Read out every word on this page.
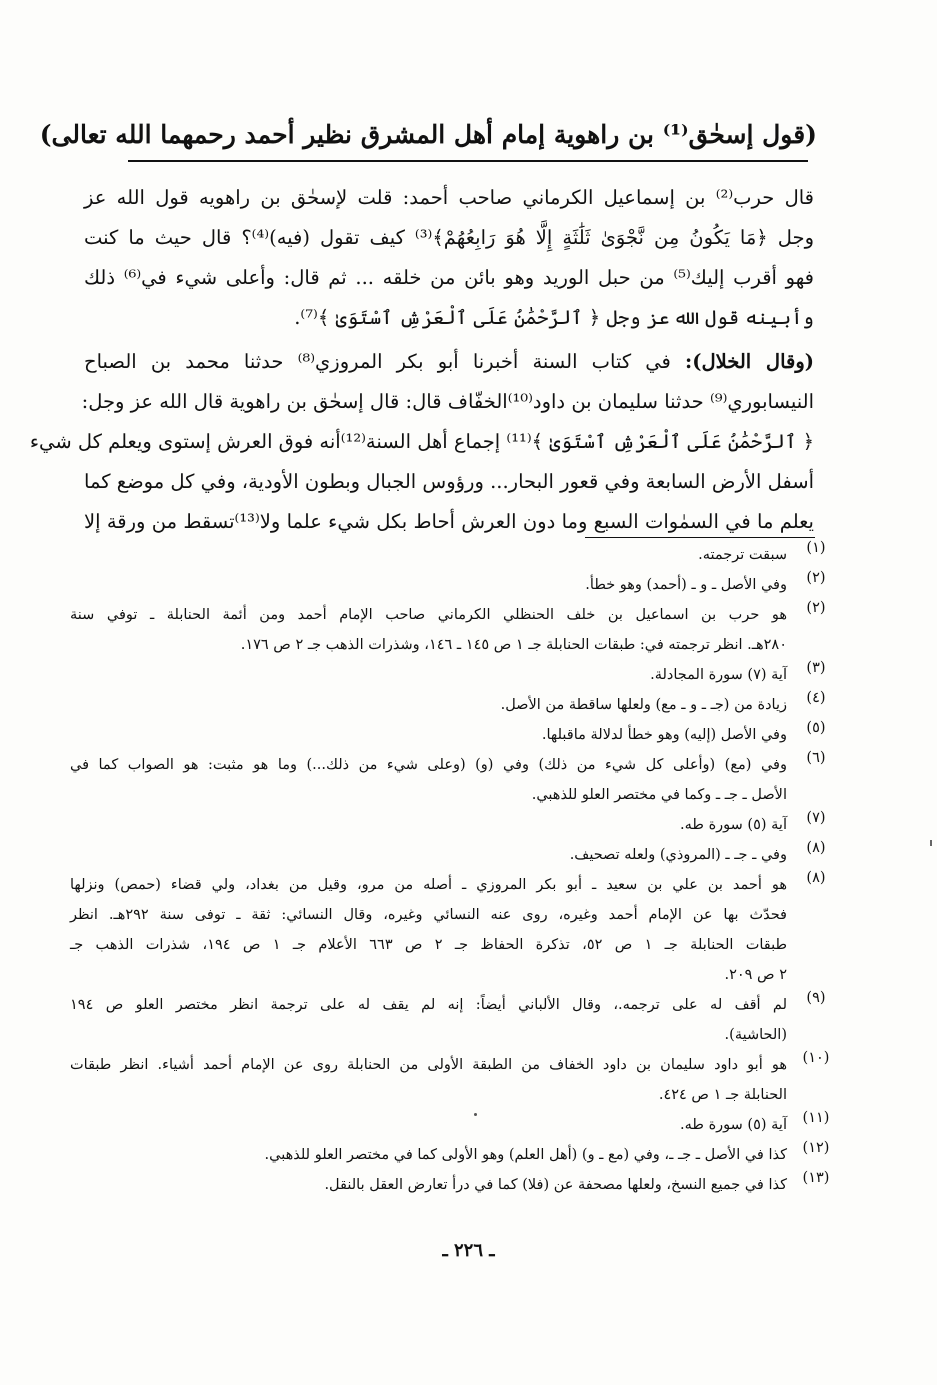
(قول إسحٰق⁽¹⁾ بن راهوية إمام أهل المشرق نظير أحمد رحمهما الله تعالى)
قال حرب⁽²⁾ بن إسماعيل الكرماني صاحب أحمد: قلت لإسحٰق بن راهويه قول الله عز
وجل ﴿مَا يَكُونُ مِن نَّجْوَىٰ ثَلَٰثَةٍ إِلَّا هُوَ رَابِعُهُمْ﴾⁽³⁾ كيف تقول (فيه)⁽⁴⁾؟ قال حيث ما كنت
فهو أقرب إليك⁽⁵⁾ من حبل الوريد وهو بائن من خلقه ... ثم قال: وأعلى شيء في⁽⁶⁾ ذلك
وأبينه قول الله عز وجل ﴿ ٱلرَّحْمَٰنُ عَلَى ٱلْعَرْشِ ٱسْتَوَىٰ ﴾⁽⁷⁾.
(وقال الخلال): في كتاب السنة أخبرنا أبو بكر المروزي⁽⁸⁾ حدثنا محمد بن الصباح
النيسابوري⁽⁹⁾ حدثنا سليمان بن داود⁽¹⁰⁾الخفّاف قال: قال إسحٰق بن راهوية قال الله عز وجل:
﴿ ٱلرَّحْمَٰنُ عَلَى ٱلْعَرْشِ ٱسْتَوَىٰ ﴾⁽¹¹⁾ إجماع أهل السنة⁽¹²⁾أنه فوق العرش إستوى ويعلم كل شيء
أسفل الأرض السابعة وفي قعور البحار... ورؤوس الجبال وبطون الأودية، وفي كل موضع كما
يعلم ما في السمٰوات السبع وما دون العرش أحاط بكل شيء علما ولا⁽¹³⁾تسقط من ورقة إلا
(١)
سبقت ترجمته.
(٢)
وفي الأصل ـ و ـ (أحمد) وهو خطأ.
(٢)
هو حرب بن اسماعيل بن خلف الحنظلي الكرماني صاحب الإمام أحمد ومن أئمة الحنابلة ـ توفي سنة
٢٨٠هـ. انظر ترجمته في: طبقات الحنابلة جـ ١ ص ١٤٥ ـ ١٤٦، وشذرات الذهب جـ ٢ ص ١٧٦.
(٣)
آية (٧) سورة المجادلة.
(٤)
زيادة من (جـ ـ و ـ مع) ولعلها ساقطة من الأصل.
(٥)
وفي الأصل (إليه) وهو خطأ لدلالة ماقبلها.
(٦)
وفي (مع) (وأعلى كل شيء من ذلك) وفي (و) (وعلى شيء من ذلك...) وما هو مثبت: هو الصواب كما في
الأصل ـ جـ ـ وكما في مختصر العلو للذهبي.
(٧)
آية (٥) سورة طه.
(٨)
وفي ـ جـ ـ (المروذي) ولعله تصحيف.
(٨)
هو أحمد بن علي بن سعيد ـ أبو بكر المروزي ـ أصله من مرو، وقيل من بغداد، ولي قضاء (حمص) ونزلها
فحدّث بها عن الإمام أحمد وغيره، روى عنه النسائي وغيره، وقال النسائي: ثقة ـ توفى سنة ٢٩٢هـ. انظر
طبقات الحنابلة جـ ١ ص ٥٢، تذكرة الحفاظ جـ ٢ ص ٦٦٣ الأعلام جـ ١ ص ١٩٤، شذرات الذهب جـ
٢ ص ٢٠٩.
(٩)
لم أقف له على ترجمه.، وقال الألباني أيضاً: إنه لم يقف له على ترجمة انظر مختصر العلو ص ١٩٤
(الحاشية).
(١٠)
هو أبو داود سليمان بن داود الخفاف من الطبقة الأولى من الحنابلة روى عن الإمام أحمد أشياء. انظر طبقات
الحنابلة جـ ١ ص ٤٢٤.
(١١)
آية (٥) سورة طه.
(١٢)
كذا في الأصل ـ جـ ـ، وفي (مع ـ و) (أهل العلم) وهو الأولى كما في مختصر العلو للذهبي.
(١٣)
كذا في جميع النسخ، ولعلها مصحفة عن (فلا) كما في درأ تعارض العقل بالنقل.
ـ ٢٢٦ ـ
